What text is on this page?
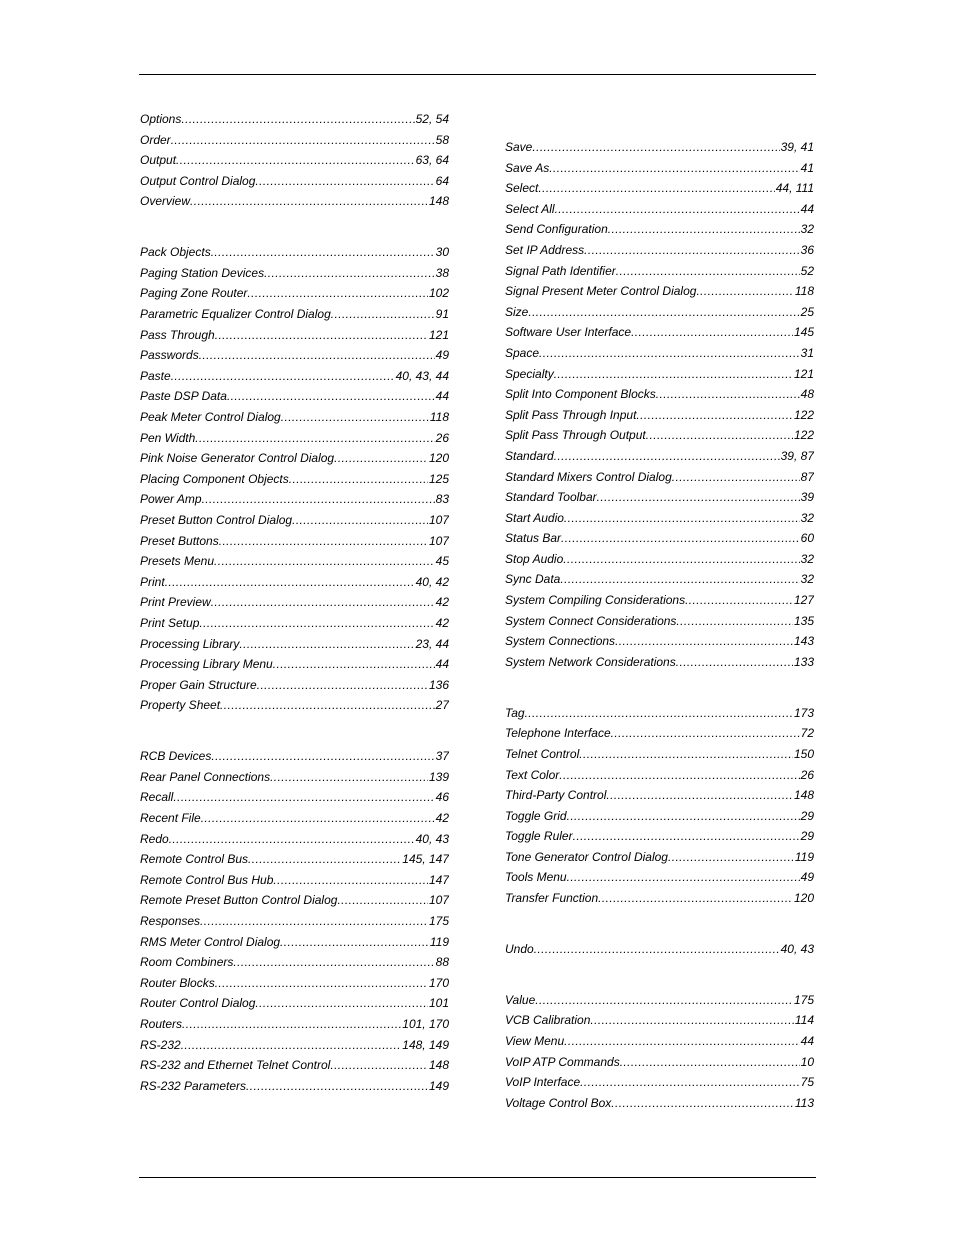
Options .....	52, 54
Order .....	58
Output .....	63, 64
Output Control Dialog .....	64
Overview .....	148
Pack Objects .....	30
Paging Station Devices .....	38
Paging Zone Router .....	102
Parametric Equalizer Control Dialog .....	91
Pass Through .....	121
Passwords .....	49
Paste .....	40, 43, 44
Paste DSP Data .....	44
Peak Meter Control Dialog .....	118
Pen Width .....	26
Pink Noise Generator Control Dialog .....	120
Placing Component Objects .....	125
Power Amp .....	83
Preset Button Control Dialog .....	107
Preset Buttons .....	107
Presets Menu .....	45
Print .....	40, 42
Print Preview .....	42
Print Setup .....	42
Processing Library .....	23, 44
Processing Library Menu .....	44
Proper Gain Structure .....	136
Property Sheet .....	27
RCB Devices .....	37
Rear Panel Connections .....	139
Recall .....	46
Recent File .....	42
Redo .....	40, 43
Remote Control Bus .....	145, 147
Remote Control Bus Hub .....	147
Remote Preset Button Control Dialog .....	107
Responses .....	175
RMS Meter Control Dialog .....	119
Room Combiners .....	88
Router Blocks .....	170
Router Control Dialog .....	101
Routers .....	101, 170
RS-232 .....	148, 149
RS-232 and Ethernet Telnet Control .....	148
RS-232 Parameters .....	149
Save .....	39, 41
Save As .....	41
Select .....	44, 111
Select All .....	44
Send Configuration .....	32
Set IP Address .....	36
Signal Path Identifier .....	52
Signal Present Meter Control Dialog .....	118
Size .....	25
Software User Interface .....	145
Space .....	31
Specialty .....	121
Split Into Component Blocks .....	48
Split Pass Through Input .....	122
Split Pass Through Output .....	122
Standard .....	39, 87
Standard Mixers Control Dialog .....	87
Standard Toolbar .....	39
Start Audio .....	32
Status Bar .....	60
Stop Audio .....	32
Sync Data .....	32
System Compiling Considerations .....	127
System Connect Considerations .....	135
System Connections .....	143
System Network Considerations .....	133
Tag .....	173
Telephone Interface .....	72
Telnet Control .....	150
Text Color .....	26
Third-Party Control .....	148
Toggle Grid .....	29
Toggle Ruler .....	29
Tone Generator Control Dialog .....	119
Tools Menu .....	49
Transfer Function .....	120
Undo .....	40, 43
Value .....	175
VCB Calibration .....	114
View Menu .....	44
VoIP ATP Commands .....	10
VoIP Interface .....	75
Voltage Control Box .....	113
